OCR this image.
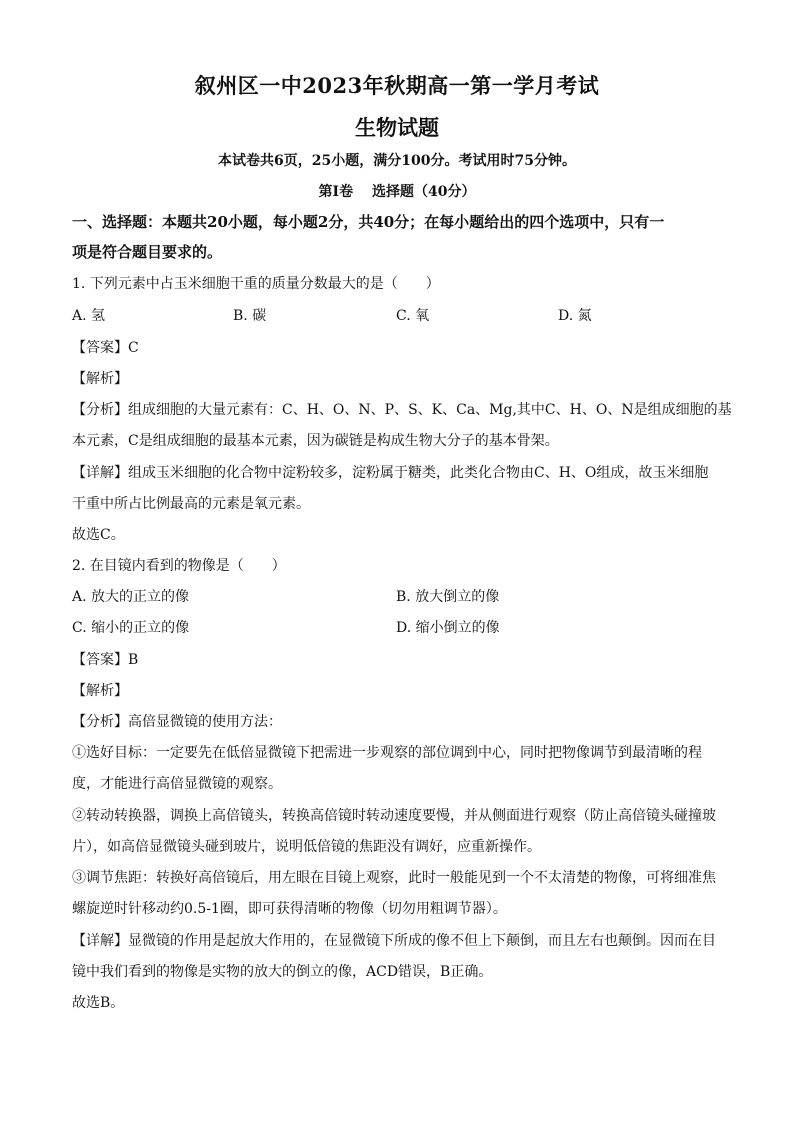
叙州区一中2023年秋期高一第一学月考试
生物试题
本试卷共6页，25小题，满分100分。考试用时75分钟。
第I卷　 选择题（40分）
一、选择题：本题共20小题，每小题2分，共40分；在每小题给出的四个选项中，只有一
项是符合题目要求的。
1. 下列元素中占玉米细胞干重的质量分数最大的是（　　）
A. 氢	B. 碳	C. 氧	D. 氮
【答案】C
【解析】
【分析】组成细胞的大量元素有：C、H、O、N、P、S、K、Ca、Mg,其中C、H、O、N是组成细胞的基
本元素，C是组成细胞的最基本元素，因为碳链是构成生物大分子的基本骨架。
【详解】组成玉米细胞的化合物中淀粉较多，淀粉属于糖类，此类化合物由C、H、O组成，故玉米细胞
干重中所占比例最高的元素是氧元素。
故选C。
2. 在目镜内看到的物像是（　　）
A. 放大的正立的像	B. 放大倒立的像
C. 缩小的正立的像	D. 缩小倒立的像
【答案】B
【解析】
【分析】高倍显微镜的使用方法：
①选好目标：一定要先在低倍显微镜下把需进一步观察的部位调到中心，同时把物像调节到最清晰的程
度，才能进行高倍显微镜的观察。
②转动转换器，调换上高倍镜头，转换高倍镜时转动速度要慢，并从侧面进行观察（防止高倍镜头碰撞玻
片），如高倍显微镜头碰到玻片，说明低倍镜的焦距没有调好，应重新操作。
③调节焦距：转换好高倍镜后，用左眼在目镜上观察，此时一般能见到一个不太清楚的物像，可将细准焦
螺旋逆时针移动约0.5-1圈，即可获得清晰的物像（切勿用粗调节器）。
【详解】显微镜的作用是起放大作用的，在显微镜下所成的像不但上下颠倒，而且左右也颠倒。因而在目
镜中我们看到的物像是实物的放大的倒立的像，ACD错误，B正确。
故选B。
